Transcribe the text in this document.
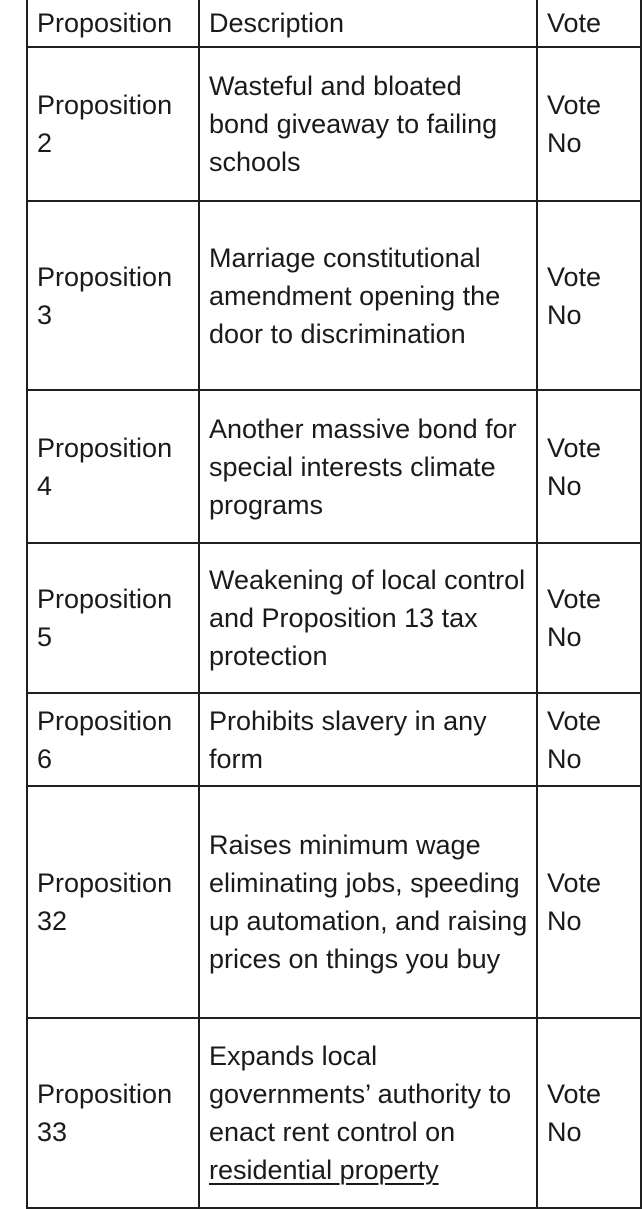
Proposition	Description	Vote
Proposition 2	Wasteful and bloated bond giveaway to failing schools	Vote No
Proposition 3	Marriage constitutional amendment opening the door to discrimination	Vote No
Proposition 4	Another massive bond for special interests climate programs	Vote No
Proposition 5	Weakening of local control and Proposition 13 tax protection	Vote No
Proposition 6	Prohibits slavery in any form	Vote No
Proposition 32	Raises minimum wage eliminating jobs, speeding up automation, and raising prices on things you buy	Vote No
Proposition 33	Expands local governments’ authority to enact rent control on residential property	Vote No
